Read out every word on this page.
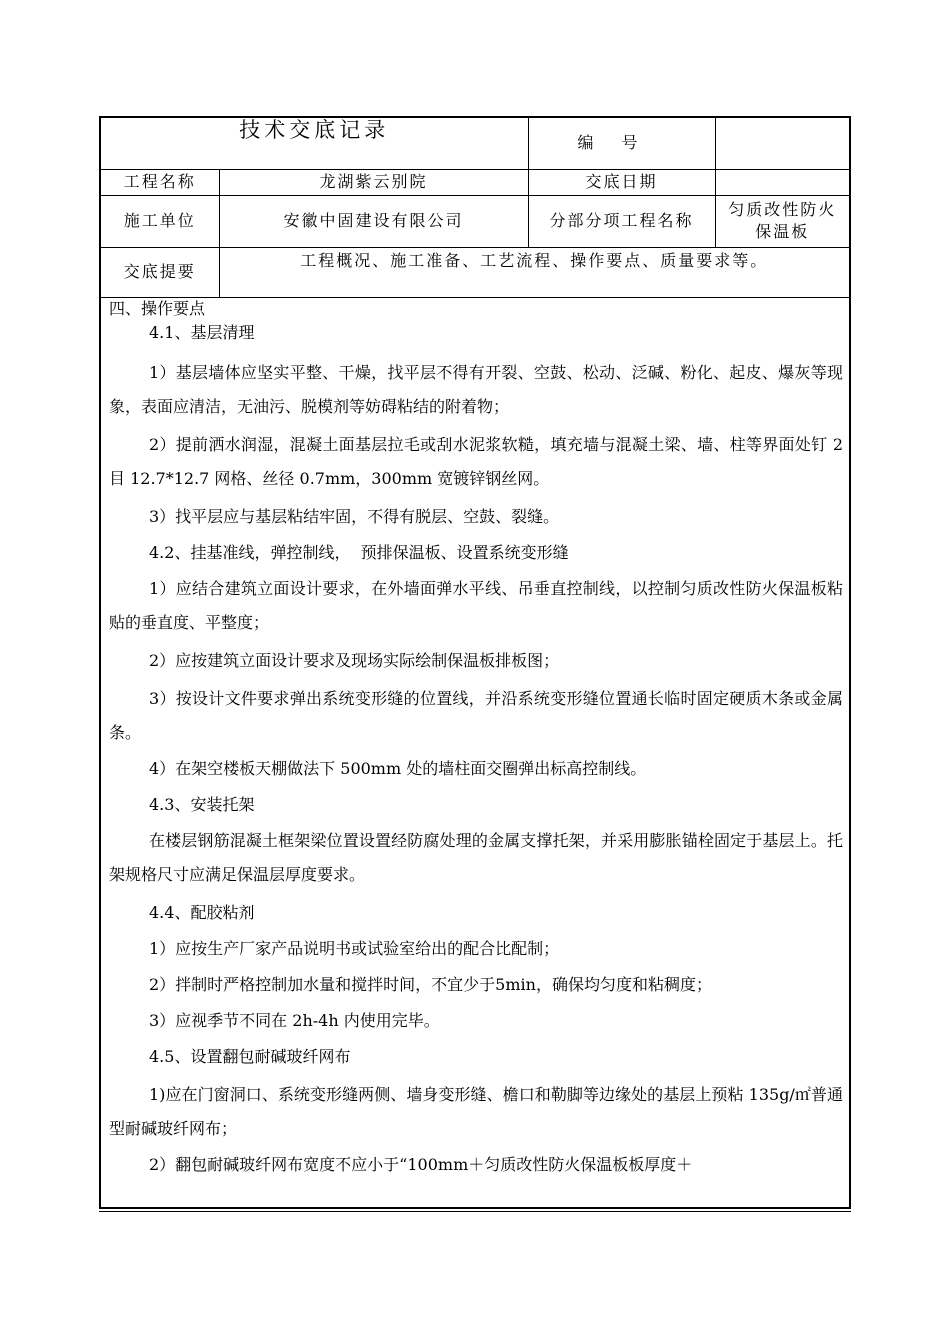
技术交底记录		编号	
工程名称	龙湖紫云别院	交底日期	
施工单位	安徽中固建设有限公司	分部分项工程名称	匀质改性防火
保温板

交底提要	工程概况、施工准备、工艺流程、操作要点、质量要求等。		

四、操作要点

4.1、基层清理

1）基层墙体应坚实平整、干燥，找平层不得有开裂、空鼓、松动、泛碱、粉化、起皮、爆灰等现象，表面应清洁，无油污、脱模剂等妨碍粘结的附着物；

2）提前洒水润湿，混凝土面基层拉毛或刮水泥浆软糙，填充墙与混凝土梁、墙、柱等界面处钉 2 目 12.7*12.7 网格、丝径 0.7mm，300mm 宽镀锌钢丝网。

3）找平层应与基层粘结牢固，不得有脱层、空鼓、裂缝。

4.2、挂基准线，弹控制线，  预排保温板、设置系统变形缝

1）应结合建筑立面设计要求，在外墙面弹水平线、吊垂直控制线，以控制匀质改性防火保温板粘贴的垂直度、平整度；

2）应按建筑立面设计要求及现场实际绘制保温板排板图；

3）按设计文件要求弹出系统变形缝的位置线，并沿系统变形缝位置通长临时固定硬质木条或金属条。

4）在架空楼板天棚做法下 500mm 处的墙柱面交圈弹出标高控制线。

4.3、安装托架

在楼层钢筋混凝土框架梁位置设置经防腐处理的金属支撑托架，并采用膨胀锚栓固定于基层上。托架规格尺寸应满足保温层厚度要求。

4.4、配胶粘剂

1）应按生产厂家产品说明书或试验室给出的配合比配制；

2）拌制时严格控制加水量和搅拌时间，不宜少于5min，确保均匀度和粘稠度；

3）应视季节不同在 2h-4h 内使用完毕。

4.5、设置翻包耐碱玻纤网布

1)应在门窗洞口、系统变形缝两侧、墙身变形缝、檐口和勒脚等边缘处的基层上预粘 135g/㎡普通型耐碱玻纤网布；

2）翻包耐碱玻纤网布宽度不应小于“100mm＋匀质改性防火保温板板厚度＋
